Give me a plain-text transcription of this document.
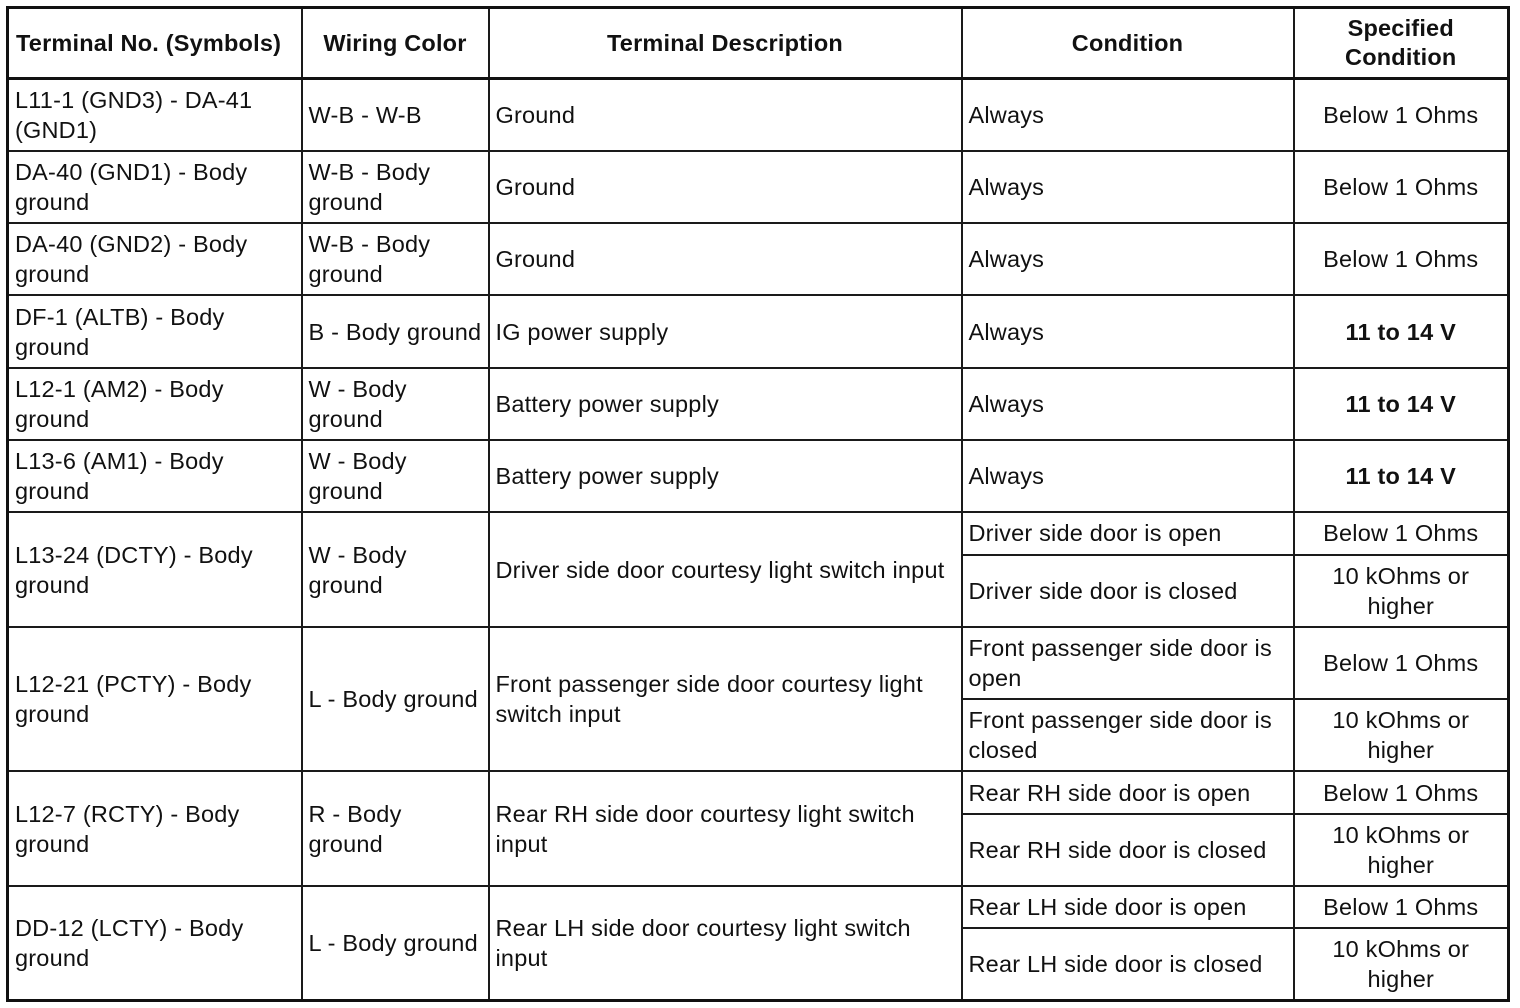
Terminal No. (Symbols)	Wiring Color	Terminal Description	Condition	Specified Condition
L11-1 (GND3) - DA-41 (GND1)	W-B - W-B	Ground	Always	Below 1 Ohms
DA-40 (GND1) - Body ground	W-B - Body ground	Ground	Always	Below 1 Ohms
DA-40 (GND2) - Body ground	W-B - Body ground	Ground	Always	Below 1 Ohms
DF-1 (ALTB) - Body ground	B - Body ground	IG power supply	Always	11 to 14 V
L12-1 (AM2) - Body ground	W - Body ground	Battery power supply	Always	11 to 14 V
L13-6 (AM1) - Body ground	W - Body ground	Battery power supply	Always	11 to 14 V
L13-24 (DCTY) - Body ground	W - Body ground	Driver side door courtesy light switch input	Driver side door is open	Below 1 Ohms
			Driver side door is closed	10 kOhms or higher
L12-21 (PCTY) - Body ground	L - Body ground	Front passenger side door courtesy light switch input	Front passenger side door is open	Below 1 Ohms
			Front passenger side door is closed	10 kOhms or higher
L12-7 (RCTY) - Body ground	R - Body ground	Rear RH side door courtesy light switch input	Rear RH side door is open	Below 1 Ohms
			Rear RH side door is closed	10 kOhms or higher
DD-12 (LCTY) - Body ground	L - Body ground	Rear LH side door courtesy light switch input	Rear LH side door is open	Below 1 Ohms
			Rear LH side door is closed	10 kOhms or higher
